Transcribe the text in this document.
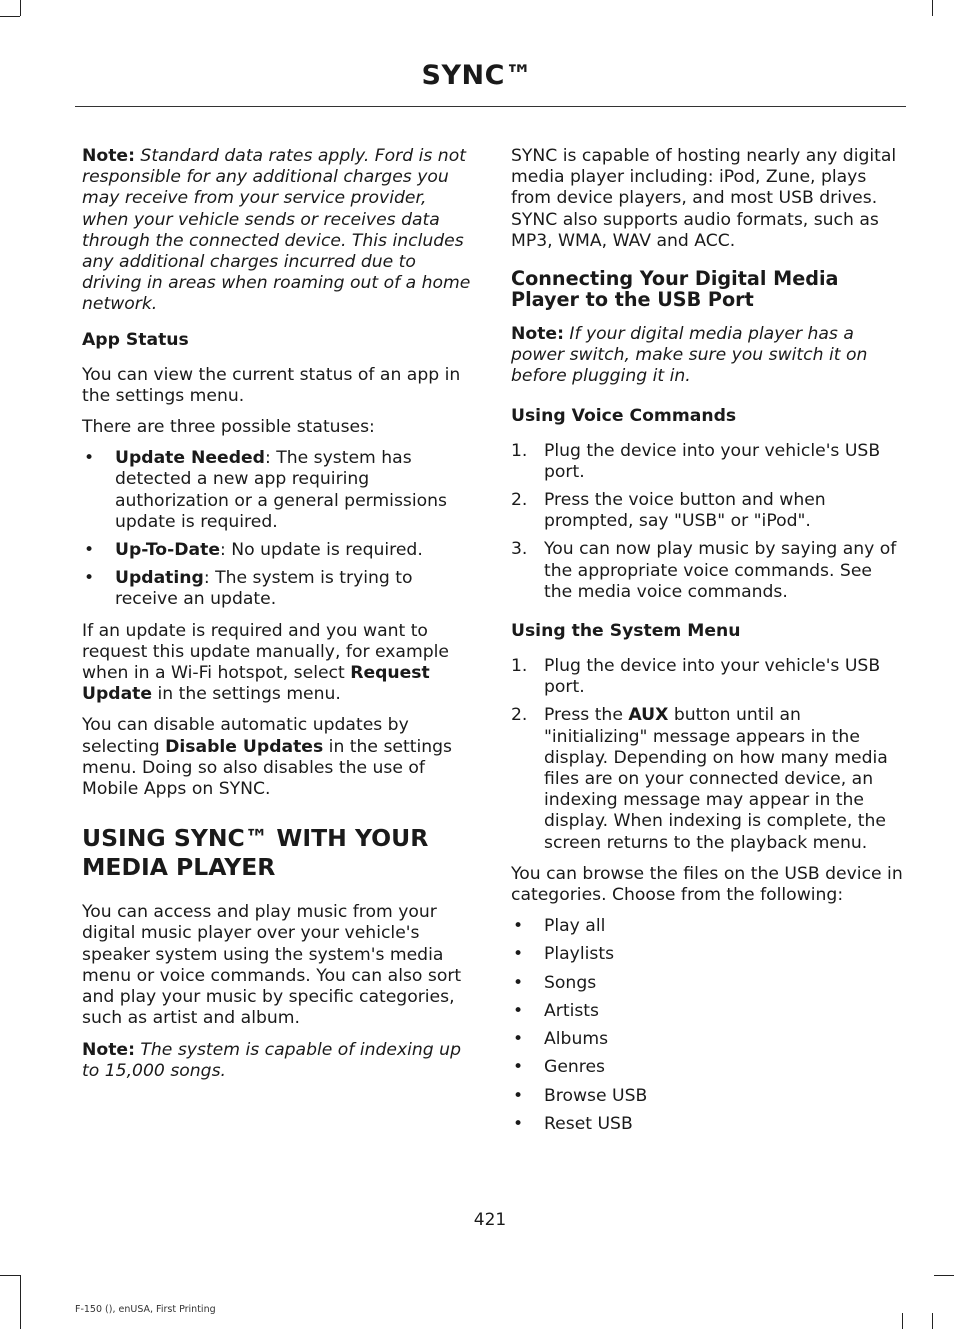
SYNC™

Note: Standard data rates apply. Ford is not responsible for any additional charges you may receive from your service provider, when your vehicle sends or receives data through the connected device. This includes any additional charges incurred due to driving in areas when roaming out of a home network.

App Status

You can view the current status of an app in the settings menu.

There are three possible statuses:

•	Update Needed: The system has detected a new app requiring authorization or a general permissions update is required.
•	Up-To-Date: No update is required.
•	Updating: The system is trying to receive an update.

If an update is required and you want to request this update manually, for example when in a Wi-Fi hotspot, select Request Update in the settings menu.

You can disable automatic updates by selecting Disable Updates in the settings menu. Doing so also disables the use of Mobile Apps on SYNC.

USING SYNC™ WITH YOUR MEDIA PLAYER

You can access and play music from your digital music player over your vehicle's speaker system using the system's media menu or voice commands. You can also sort and play your music by specific categories, such as artist and album.

Note: The system is capable of indexing up to 15,000 songs.

SYNC is capable of hosting nearly any digital media player including: iPod, Zune, plays from device players, and most USB drives. SYNC also supports audio formats, such as MP3, WMA, WAV and ACC.

Connecting Your Digital Media Player to the USB Port

Note: If your digital media player has a power switch, make sure you switch it on before plugging it in.

Using Voice Commands
1. Plug the device into your vehicle's USB port.
2. Press the voice button and when prompted, say "USB" or "iPod".
3. You can now play music by saying any of the appropriate voice commands. See the media voice commands.
Using the System Menu
1. Plug the device into your vehicle's USB port.
2. Press the AUX button until an "initializing" message appears in the display. Depending on how many media files are on your connected device, an indexing message may appear in the display. When indexing is complete, the screen returns to the playback menu.

You can browse the files on the USB device in categories. Choose from the following:

•	Play all
•	Playlists
•	Songs
•	Artists
•	Albums
•	Genres
•	Browse USB
•	Reset USB
421
F-150 (), enUSA, First Printing
